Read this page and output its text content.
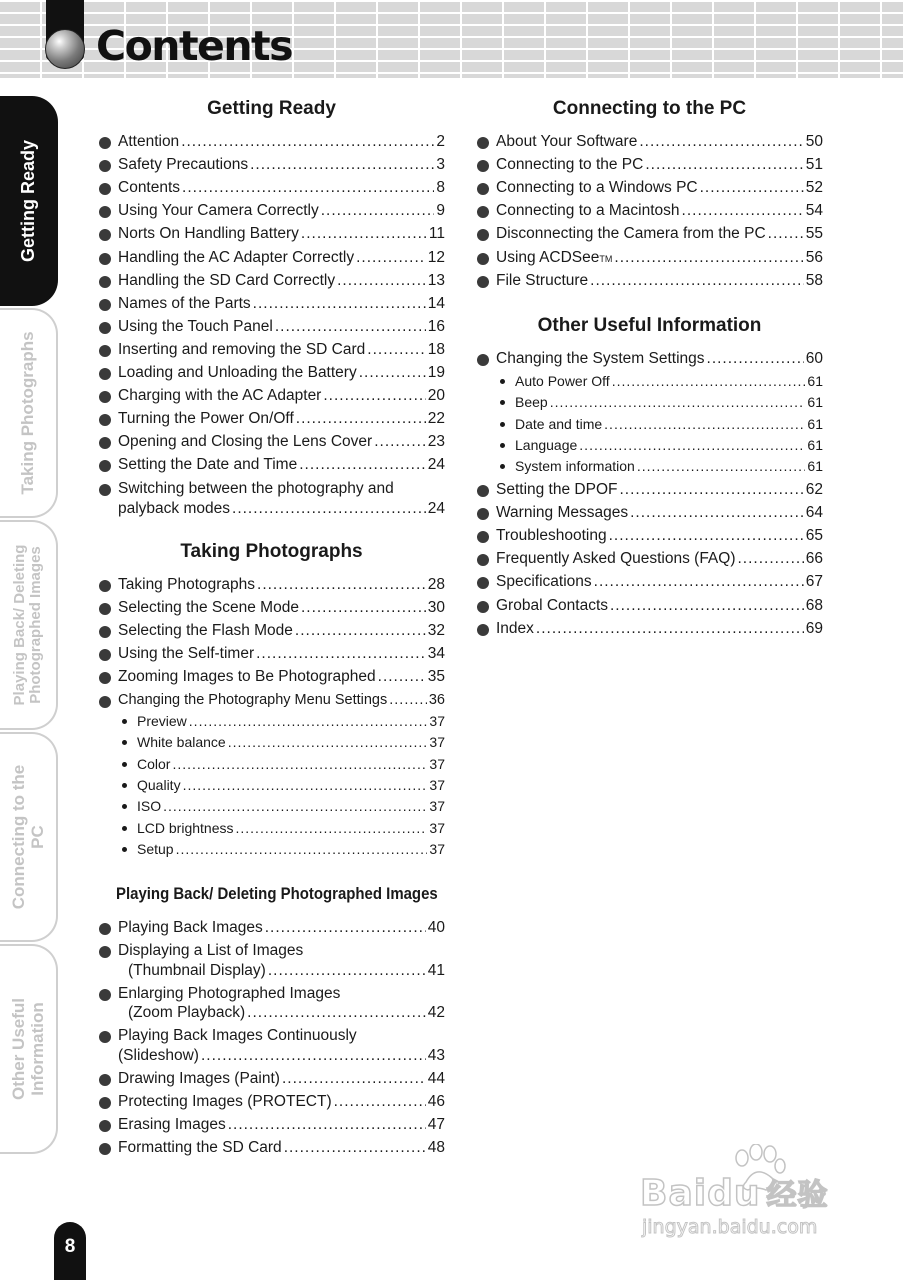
Contents
Getting Ready
Taking Photographs
Playing Back/ Deleting Photographed Images
Connecting to the PC
Other Useful Information
8
Getting Ready
Attention .....	2
Safety Precautions .....	3
Contents .....	8
Using Your Camera Correctly .....	9
Norts On Handling Battery .....	11
Handling the AC Adapter Correctly .....	12
Handling the SD Card Correctly .....	13
Names of the Parts .....	14
Using the Touch Panel .....	16
Inserting and removing the SD Card .....	18
Loading and Unloading the Battery .....	19
Charging with the AC Adapter .....	20
Turning the Power On/Off .....	22
Opening and Closing the Lens Cover .....	23
Setting the Date and Time .....	24
Switching between the photography and
palyback modes .....	24
Taking Photographs
Taking Photographs .....	28
Selecting the Scene Mode .....	30
Selecting the Flash Mode .....	32
Using the Self-timer .....	34
Zooming Images to Be Photographed .....	35
Changing the Photography Menu Settings .....	36
Preview .....	37
White balance .....	37
Color .....	37
Quality .....	37
ISO .....	37
LCD brightness .....	37
Setup .....	37
Playing Back/ Deleting Photographed Images
Playing Back Images .....	40
Displaying a List of Images
(Thumbnail Display) .....	41
Enlarging Photographed Images
(Zoom Playback) .....	42
Playing Back Images Continuously
(Slideshow) .....	43
Drawing Images (Paint) .....	44
Protecting Images (PROTECT) .....	46
Erasing Images .....	47
Formatting the SD Card .....	48
Connecting to the PC
About Your Software .....	50
Connecting to the PC .....	51
Connecting to a Windows PC .....	52
Connecting to a Macintosh .....	54
Disconnecting the Camera from the PC .....	55
Using ACDSee TM .....	56
File Structure .....	58
Other Useful Information
Changing the System Settings .....	60
Auto Power Off .....	61
Beep .....	61
Date and time .....	61
Language .....	61
System information .....	61
Setting the DPOF .....	62
Warning Messages .....	64
Troubleshooting .....	65
Frequently Asked Questions (FAQ) .....	66
Specifications .....	67
Grobal Contacts .....	68
Index .....	69
Baidu 经验
jingyan.baidu.com
